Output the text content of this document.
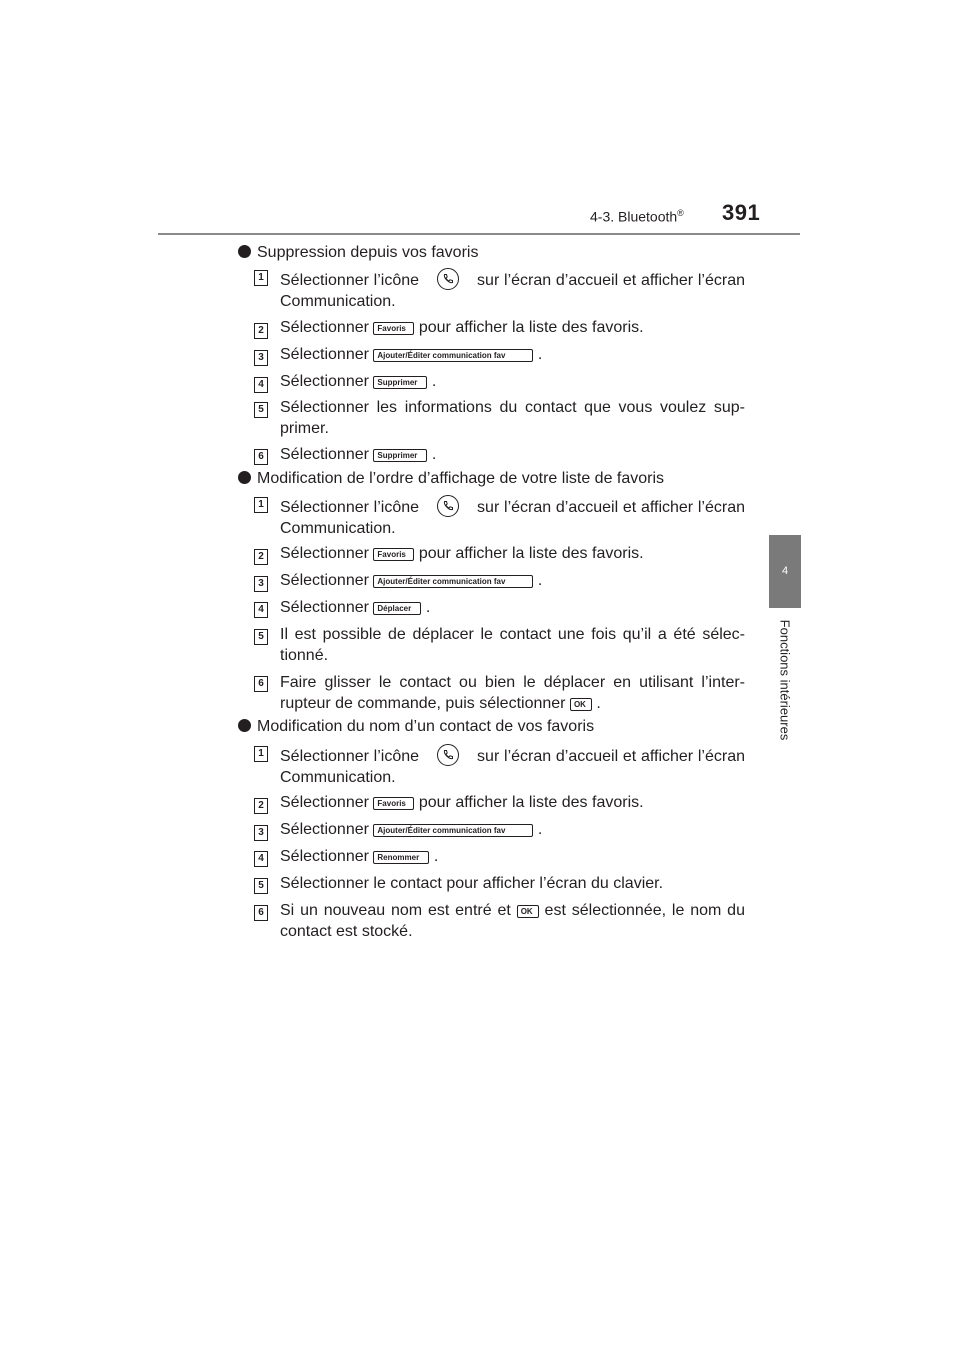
4-3. Bluetooth® 391
4
Fonctions intérieures
Suppression depuis vos favoris
1 Sélectionner l’icône	sur l’écran d’accueil et afficher l’écran Communication.
2 Sélectionner Favoris pour afficher la liste des favoris.
3 Sélectionner Ajouter/Éditer communication fav .
4 Sélectionner Supprimer .
5 Sélectionner les informations du contact que vous voulez sup- primer.
6 Sélectionner Supprimer .
Modification de l’ordre d’affichage de votre liste de favoris
1 Sélectionner l’icône	sur l’écran d’accueil et afficher l’écran Communication.
2 Sélectionner Favoris pour afficher la liste des favoris.
3 Sélectionner Ajouter/Éditer communication fav .
4 Sélectionner Déplacer .
5 Il est possible de déplacer le contact une fois qu’il a été sélec- tionné.
6 Faire glisser le contact ou bien le déplacer en utilisant l’inter- rupteur de commande, puis sélectionner OK .
Modification du nom d’un contact de vos favoris
1 Sélectionner l’icône	sur l’écran d’accueil et afficher l’écran Communication.
2 Sélectionner Favoris pour afficher la liste des favoris.
3 Sélectionner Ajouter/Éditer communication fav .
4 Sélectionner Renommer .
5 Sélectionner le contact pour afficher l’écran du clavier.
6 Si un nouveau nom est entré et OK est sélectionnée, le nom du contact est stocké.
